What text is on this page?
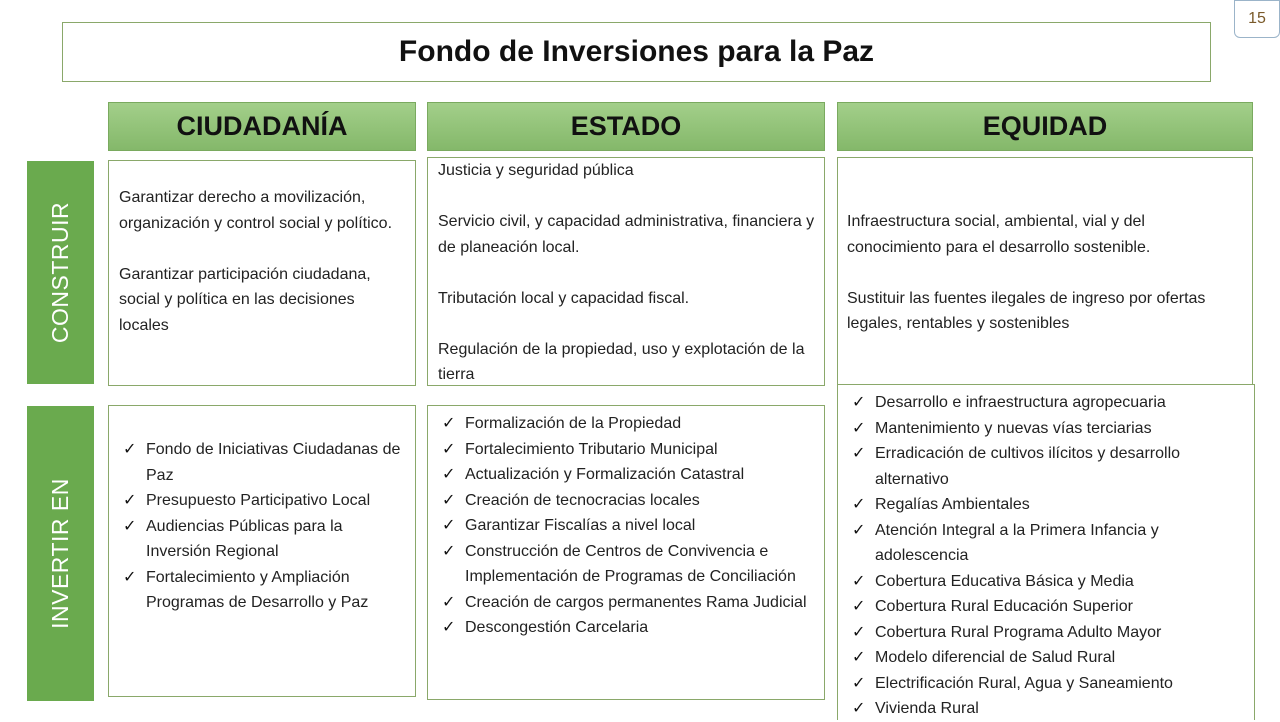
Fondo de Inversiones para la Paz
15
CIUDADANÍA	ESTADO	EQUIDAD
CONSTRUIR
INVERTIR EN

Garantizar derecho a movilización, organización y control social y político.

Garantizar participación ciudadana, social y política en las decisiones locales

Justicia y seguridad pública

Servicio civil, y capacidad administrativa, financiera y de planeación local.

Tributación local y capacidad fiscal.

Regulación de la propiedad, uso y explotación de la tierra

Infraestructura social, ambiental, vial y del conocimiento para el desarrollo sostenible.

Sustituir las fuentes ilegales de ingreso por ofertas legales, rentables y sostenibles

✓ Fondo de Iniciativas Ciudadanas de Paz
✓ Presupuesto Participativo Local
✓ Audiencias Públicas para la Inversión Regional
✓ Fortalecimiento y Ampliación Programas de Desarrollo y Paz
✓ Formalización de la Propiedad
✓ Fortalecimiento Tributario Municipal
✓ Actualización y Formalización Catastral
✓ Creación de tecnocracias locales
✓ Garantizar Fiscalías a nivel local
✓ Construcción de Centros de Convivencia e Implementación de Programas de Conciliación
✓ Creación de cargos permanentes Rama Judicial
✓ Descongestión Carcelaria
✓ Desarrollo e infraestructura agropecuaria
✓ Mantenimiento y nuevas vías terciarias
✓ Erradicación de cultivos ilícitos y desarrollo alternativo
✓ Regalías Ambientales
✓ Atención Integral a la Primera Infancia y adolescencia
✓ Cobertura Educativa Básica y Media
✓ Cobertura Rural Educación Superior
✓ Cobertura Rural Programa Adulto Mayor
✓ Modelo diferencial de Salud Rural
✓ Electrificación Rural, Agua y Saneamiento
✓ Vivienda Rural
